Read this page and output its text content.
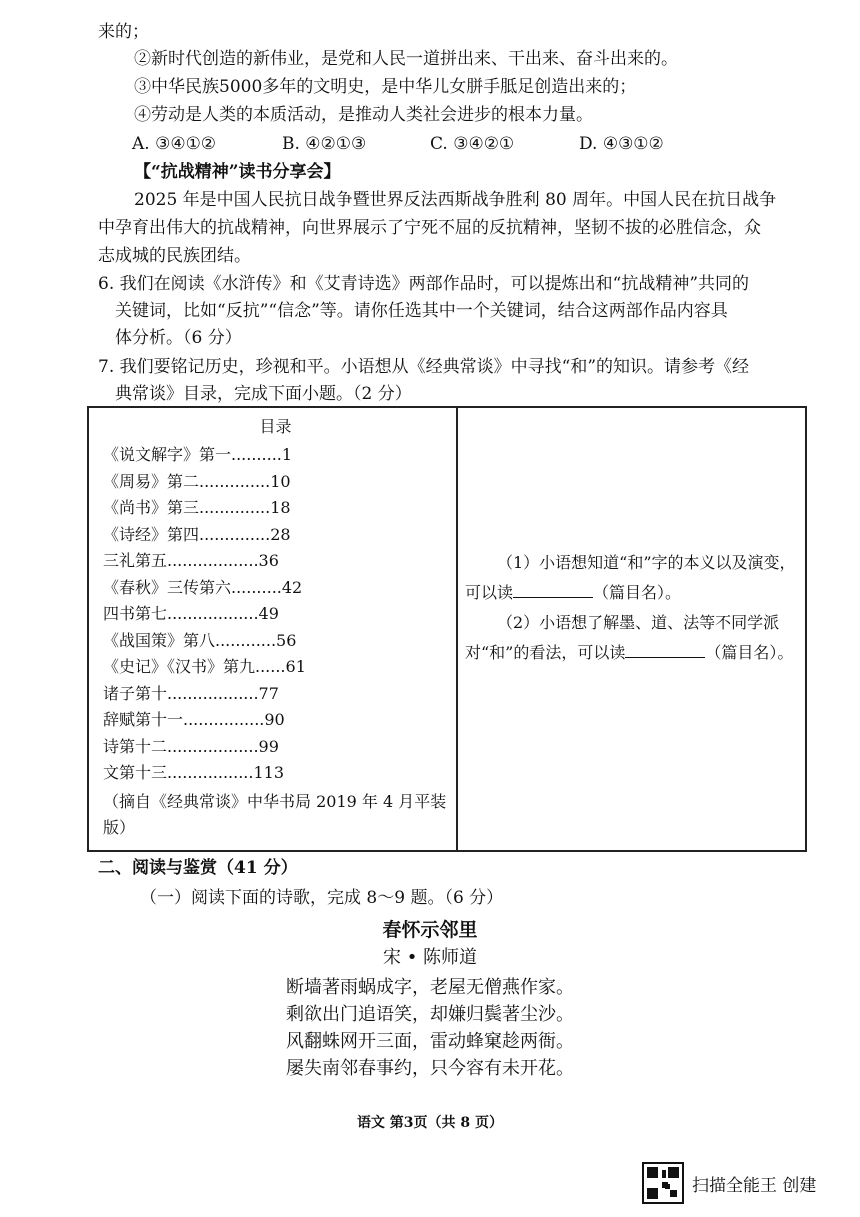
来的；
②新时代创造的新伟业，是党和人民一道拼出来、干出来、奋斗出来的。
③中华民族5000多年的文明史，是中华儿女胼手胝足创造出来的；
④劳动是人类的本质活动，是推动人类社会进步的根本力量。
A. ③④①②	B. ④②①③	C. ③④②①	D. ④③①②
【“抗战精神”读书分享会】
2025 年是中国人民抗日战争暨世界反法西斯战争胜利 80 周年。中国人民在抗日战争
中孕育出伟大的抗战精神，向世界展示了宁死不屈的反抗精神，坚韧不拔的必胜信念，众
志成城的民族团结。
6. 我们在阅读《水浒传》和《艾青诗选》两部作品时，可以提炼出和“抗战精神”共同的
关键词，比如“反抗”“信念”等。请你任选其中一个关键词，结合这两部作品内容具
体分析。（6 分）
7. 我们要铭记历史，珍视和平。小语想从《经典常谈》中寻找“和”的知识。请参考《经
典常谈》目录，完成下面小题。（2 分）
目录
《说文解字》第一..........1
《周易》第二..............10
《尚书》第三..............18
《诗经》第四..............28
三礼第五..................36
《春秋》三传第六..........42
四书第七..................49
《战国策》第八............56
《史记》《汉书》第九......61
诸子第十..................77
辞赋第十一................90
诗第十二..................99
文第十三.................113
（摘自《经典常谈》中华书局 2019 年 4 月平装版）

（1）小语想知道“和”字的本义以及演变，可以读	（篇目名）。

（2）小语想了解墨、道、法等不同学派对“和”的看法，可以读	（篇目名）。

二、阅读与鉴赏（41 分）
（一）阅读下面的诗歌，完成 8～9 题。（6 分）
春怀示邻里
宋 • 陈师道
断墙著雨蜗成字，老屋无僧燕作家。
剩欲出门追语笑，却嫌归鬓著尘沙。
风翻蛛网开三面，雷动蜂窠趁两衙。
屡失南邻春事约，只今容有未开花。
语文 第3页（共 8 页）
扫描全能王 创建
